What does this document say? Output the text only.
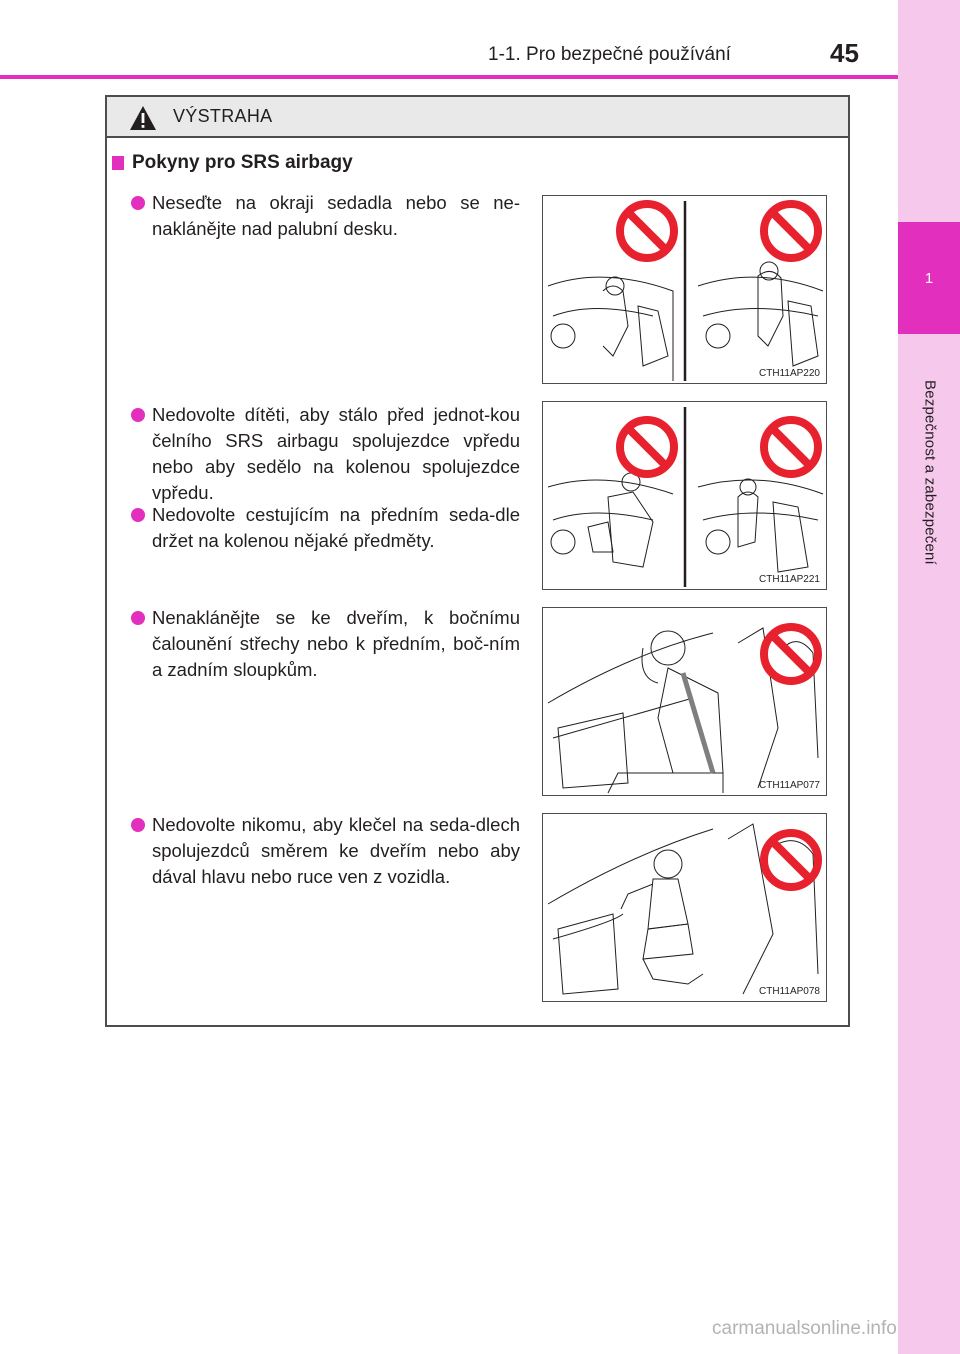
1
Bezpečnost a zabezpečení
1-1. Pro bezpečné používání	45
VÝSTRAHA
Pokyny pro SRS airbagy
Neseďte na okraji sedadla nebo se ne-naklánějte nad palubní desku.
Nedovolte dítěti, aby stálo před jednot-kou čelního SRS airbagu spolujezdce vpředu nebo aby sedělo na kolenou spolujezdce vpředu.
Nedovolte cestujícím na předním seda-dle držet na kolenou nějaké předměty.
Nenaklánějte se ke dveřím, k bočnímu čalounění střechy nebo k předním, boč-ním a zadním sloupkům.
Nedovolte nikomu, aby klečel na seda-dlech spolujezdců směrem ke dveřím nebo aby dával hlavu nebo ruce ven z vozidla.
CTH11AP220
CTH11AP221
CTH11AP077
CTH11AP078
carmanualsonline.info
